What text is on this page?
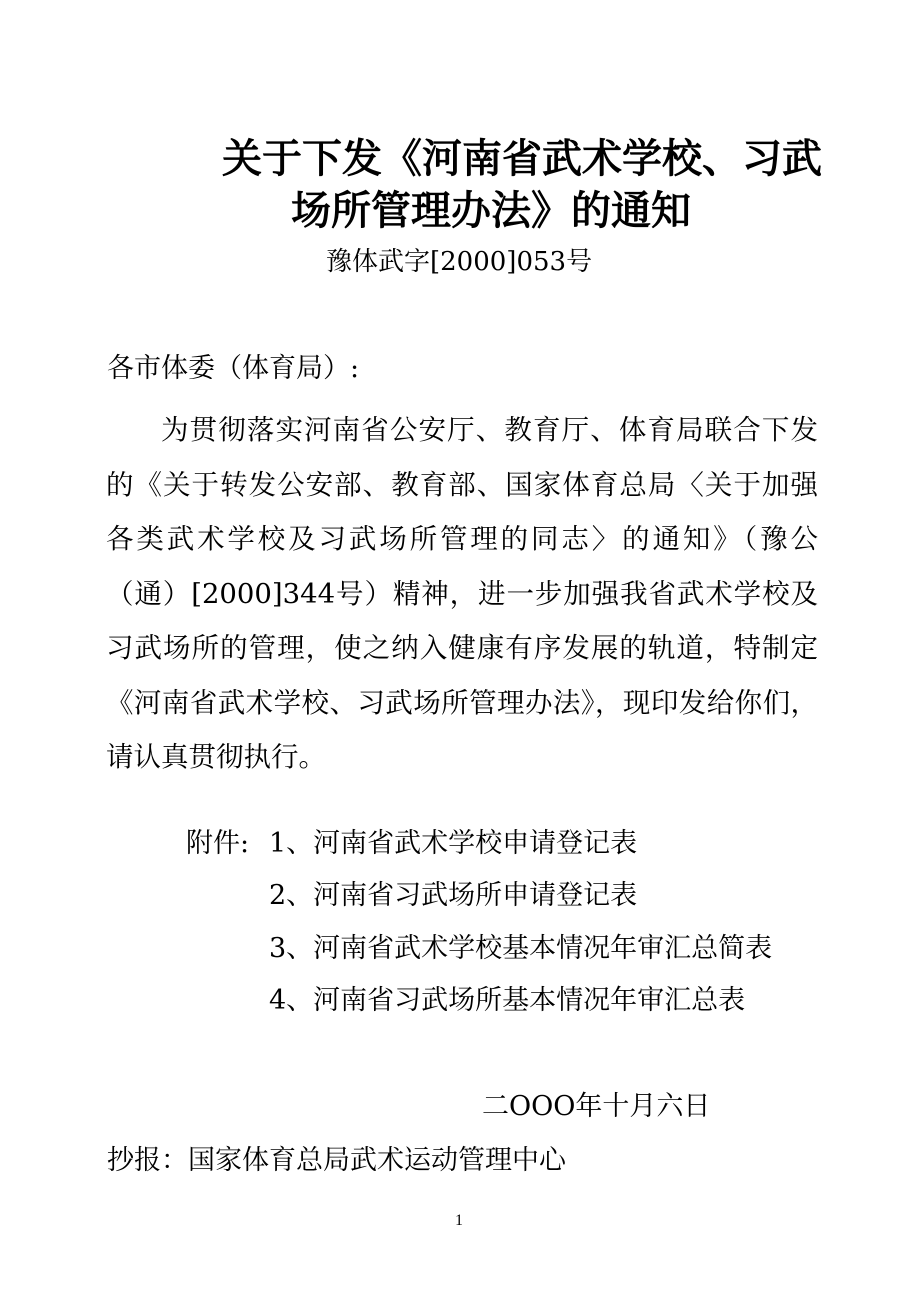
关于下发《河南省武术学校、习武
场所管理办法》的通知
豫体武字[2000]053号
各市体委（体育局）:
为贯彻落实河南省公安厅、教育厅、体育局联合下发的《关于转发公安部、教育部、国家体育总局〈关于加强各类武术学校及习武场所管理的同志〉的通知》（豫公（通）[2000]344号）精神，进一步加强我省武术学校及习武场所的管理，使之纳入健康有序发展的轨道，特制定《河南省武术学校、习武场所管理办法》，现印发给你们，请认真贯彻执行。
附件: 1、河南省武术学校申请登记表
2、河南省习武场所申请登记表
3、河南省武术学校基本情况年审汇总简表
4、河南省习武场所基本情况年审汇总表
二OOO年十月六日
抄报：国家体育总局武术运动管理中心
1
